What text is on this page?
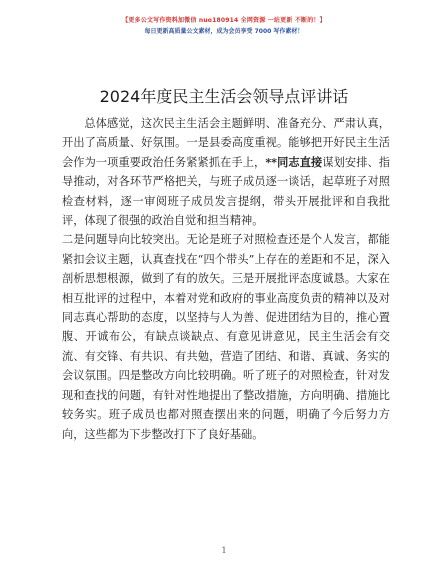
【更多公文写作资料加微信 nuo180914 全网资源 一站更新 不断的！】
每日更新高质量公文素材，成为会员享受 7000 写作素材！
2024年度民主生活会领导点评讲话

总体感觉，这次民主生活会主题鲜明、准备充分、严肃认真，开出了高质量、好氛围。一是县委高度重视。能够把开好民主生活会作为一项重要政治任务紧紧抓在手上，**同志直接谋划安排、指导推动，对各环节严格把关，与班子成员逐一谈话，起草班子对照检查材料，逐一审阅班子成员发言提纲，带头开展批评和自我批评，体现了很强的政治自觉和担当精神。

二是问题导向比较突出。无论是班子对照检查还是个人发言，都能紧扣会议主题，认真查找在“四个带头”上存在的差距和不足，深入剖析思想根源，做到了有的放矢。三是开展批评态度诚恳。大家在相互批评的过程中，本着对党和政府的事业高度负责的精神以及对同志真心帮助的态度，以坚持与人为善、促进团结为目的，推心置腹、开诚布公，有缺点谈缺点、有意见讲意见，民主生活会有交流、有交锋、有共识、有共勉，营造了团结、和谐、真诚、务实的会议氛围。四是整改方向比较明确。听了班子的对照检查，针对发现和查找的问题，有针对性地提出了整改措施，方向明确、措施比较务实。班子成员也都对照查摆出来的问题，明确了今后努力方向，这些都为下步整改打下了良好基础。

1
